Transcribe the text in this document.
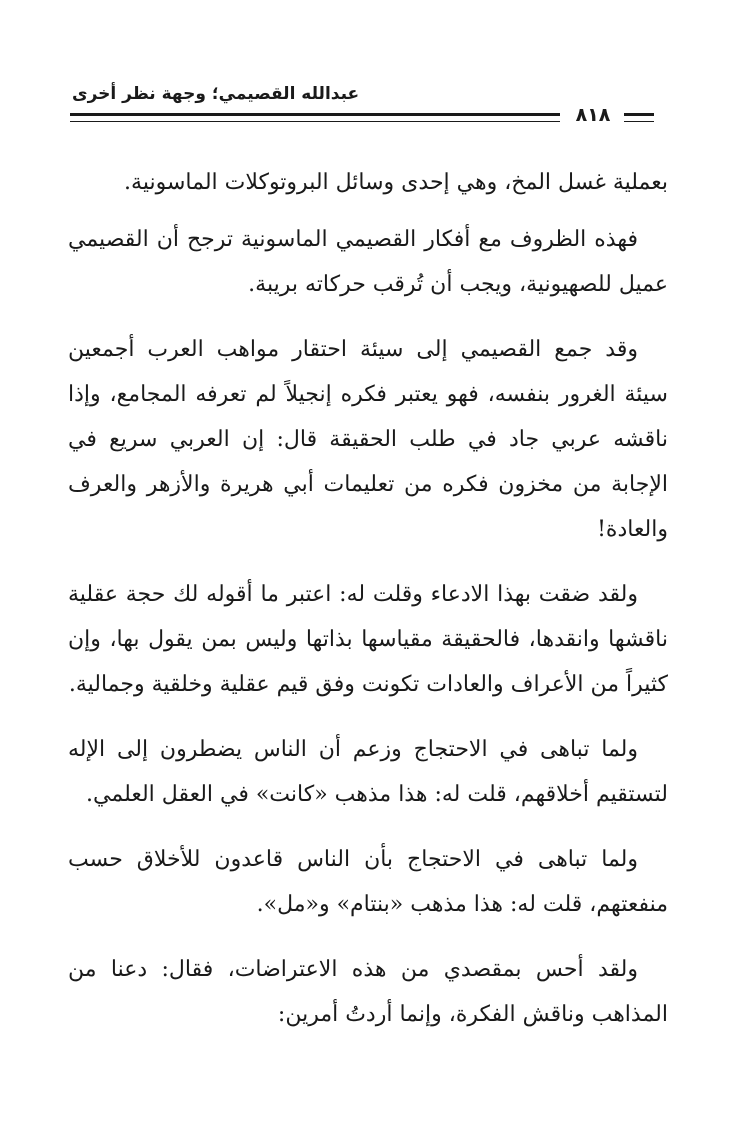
عبدالله القصيمي؛ وجهة نظر أخرى
٨١٨

بعملية غسل المخ، وهي إحدى وسائل البروتوكلات الماسونية.

فهذه الظروف مع أفكار القصيمي الماسونية ترجح أن القصيمي عميل للصهيونية، ويجب أن تُرقب حركاته بريبة.

وقد جمع القصيمي إلى سيئة احتقار مواهب العرب أجمعين سيئة الغرور بنفسه، فهو يعتبر فكره إنجيلاً لم تعرفه المجامع، وإذا ناقشه عربي جاد في طلب الحقيقة قال: إن العربي سريع في الإجابة من مخزون فكره من تعليمات أبي هريرة والأزهر والعرف والعادة!

ولقد ضقت بهذا الادعاء وقلت له: اعتبر ما أقوله لك حجة عقلية ناقشها وانقدها، فالحقيقة مقياسها بذاتها وليس بمن يقول بها، وإن كثيراً من الأعراف والعادات تكونت وفق قيم عقلية وخلقية وجمالية.

ولما تباهى في الاحتجاج وزعم أن الناس يضطرون إلى الإله لتستقيم أخلاقهم، قلت له: هذا مذهب «كانت» في العقل العلمي.

ولما تباهى في الاحتجاج بأن الناس قاعدون للأخلاق حسب منفعتهم، قلت له: هذا مذهب «بنتام» و«مل».

ولقد أحس بمقصدي من هذه الاعتراضات، فقال: دعنا من المذاهب وناقش الفكرة، وإنما أردتُ أمرين:
